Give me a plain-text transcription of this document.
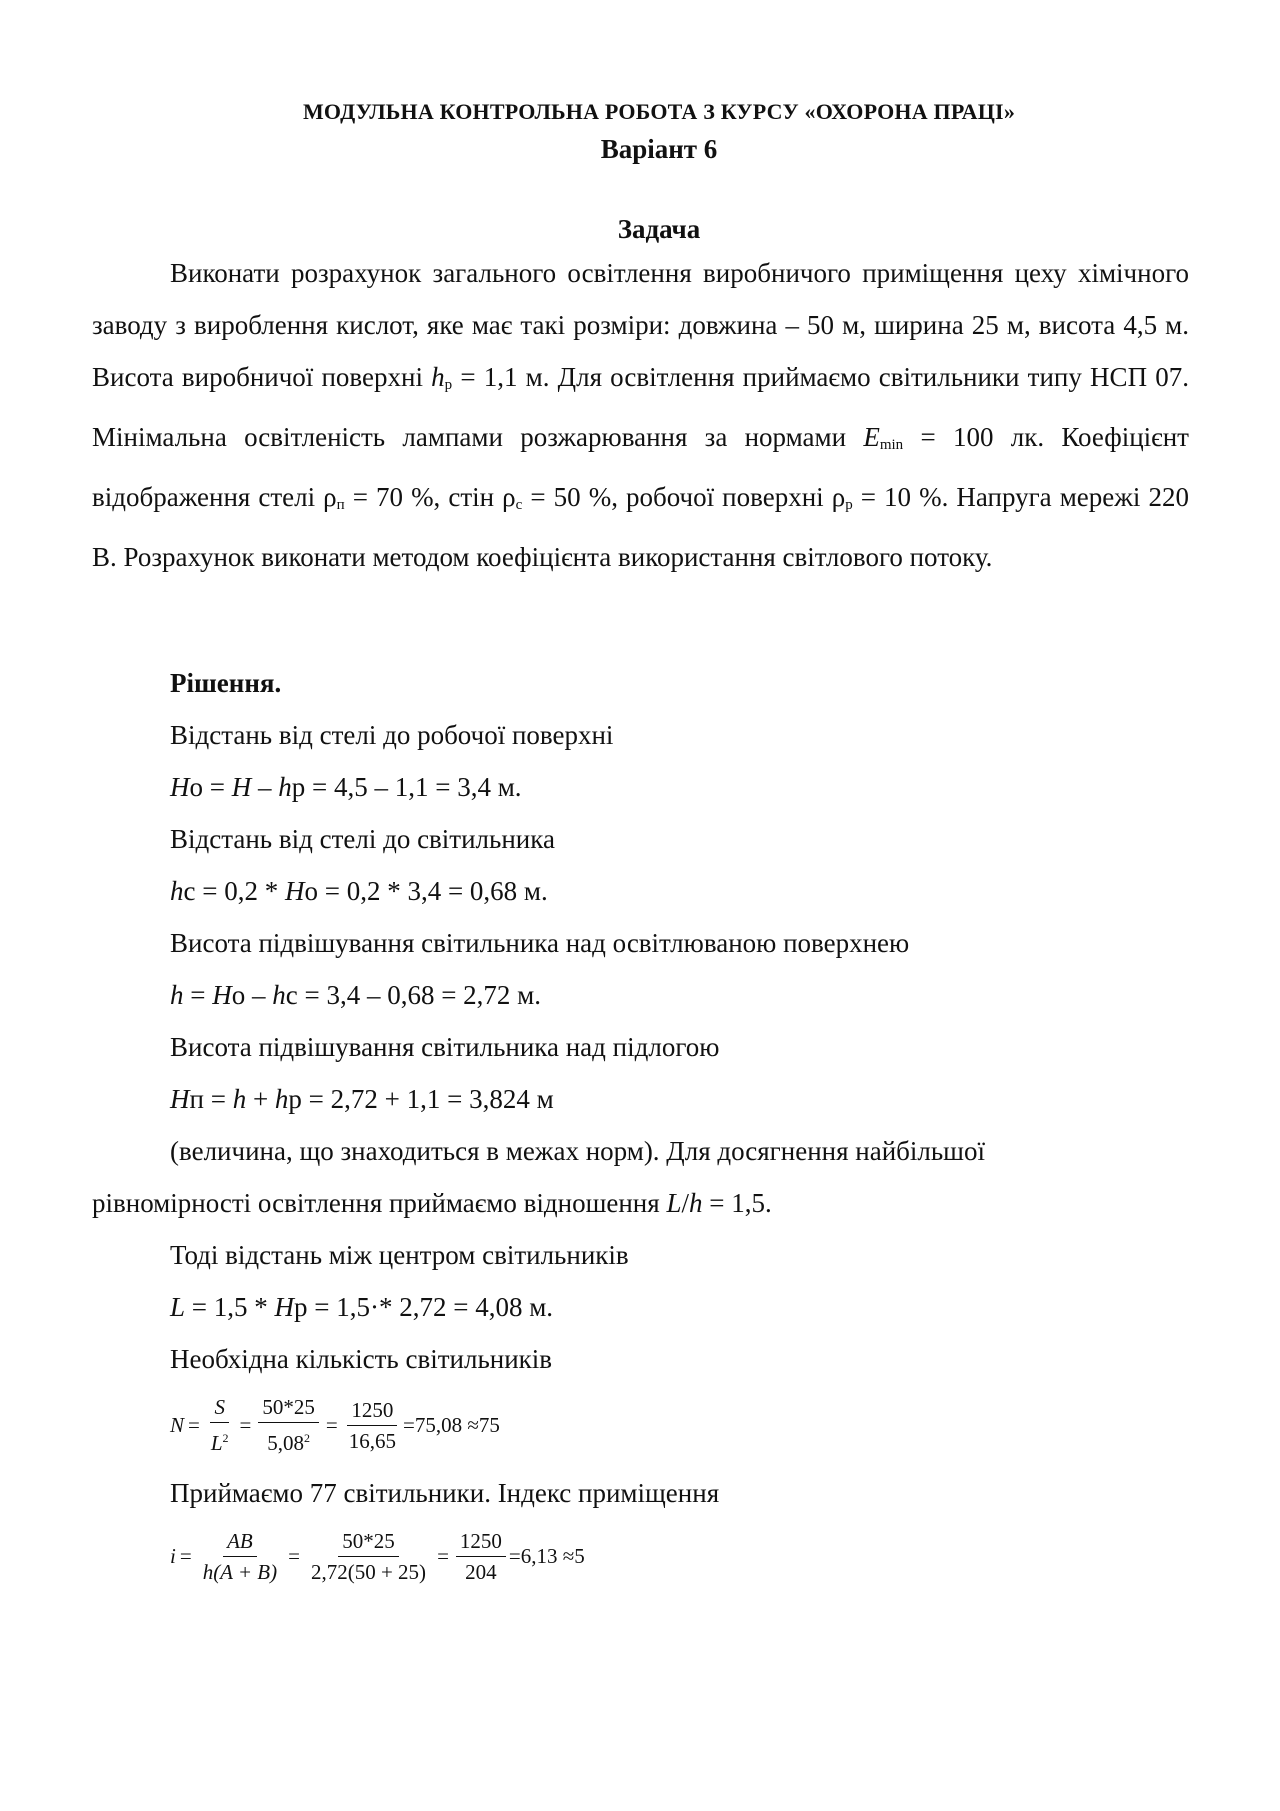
МОДУЛЬНА КОНТРОЛЬНА РОБОТА З КУРСУ «ОХОРОНА ПРАЦІ»
Варіант 6
Задача

Виконати розрахунок загального освітлення виробничого приміщення цеху хімічного заводу з вироблення кислот, яке має такі розміри: довжина – 50 м, ширина 25 м, висота 4,5 м. Висота виробничої поверхні $h_р = 1,1$ м. Для освітлення приймаємо світильники типу НСП 07. Мінімальна освітленість лампами розжарювання за нормами $E_{min} = 100$ лк. Коефіцієнт відображення стелі $\rho_п = 70$ %, стін $\rho_с = 50$ %, робочої поверхні $\rho_р = 10$ %. Напруга мережі 220 В. Розрахунок виконати методом коефіцієнта використання світлового потоку.

Рішення.
Відстань від стелі до робочої поверхні
Hо = H – hр = 4,5 – 1,1 = 3,4 м.
Відстань від стелі до світильника
hс = 0,2 * Hо = 0,2 * 3,4 = 0,68 м.
Висота підвішування світильника над освітлюваною поверхнею
h = Hо – hс = 3,4 – 0,68 = 2,72 м.
Висота підвішування світильника над підлогою
Hп = h + hр = 2,72 + 1,1 = 3,824 м
(величина, що знаходиться в межах норм). Для досягнення найбільшої
рівномірності освітлення приймаємо відношення L/h = 1,5.
Тоді відстань між центром світильників
L = 1,5 * Hр = 1,5·* 2,72 = 4,08 м.
Необхідна кількість світильників
$N = \frac{S}{L^2} = \frac{50*25}{5,08^2} = \frac{1250}{16,65} =75,08 \approx 75$
Приймаємо 77 світильники. Індекс приміщення
$i = \frac{AB}{h(A + B)} = \frac{50*25}{2,72(50 + 25)} = \frac{1250}{204} =6,13 \approx 5$
